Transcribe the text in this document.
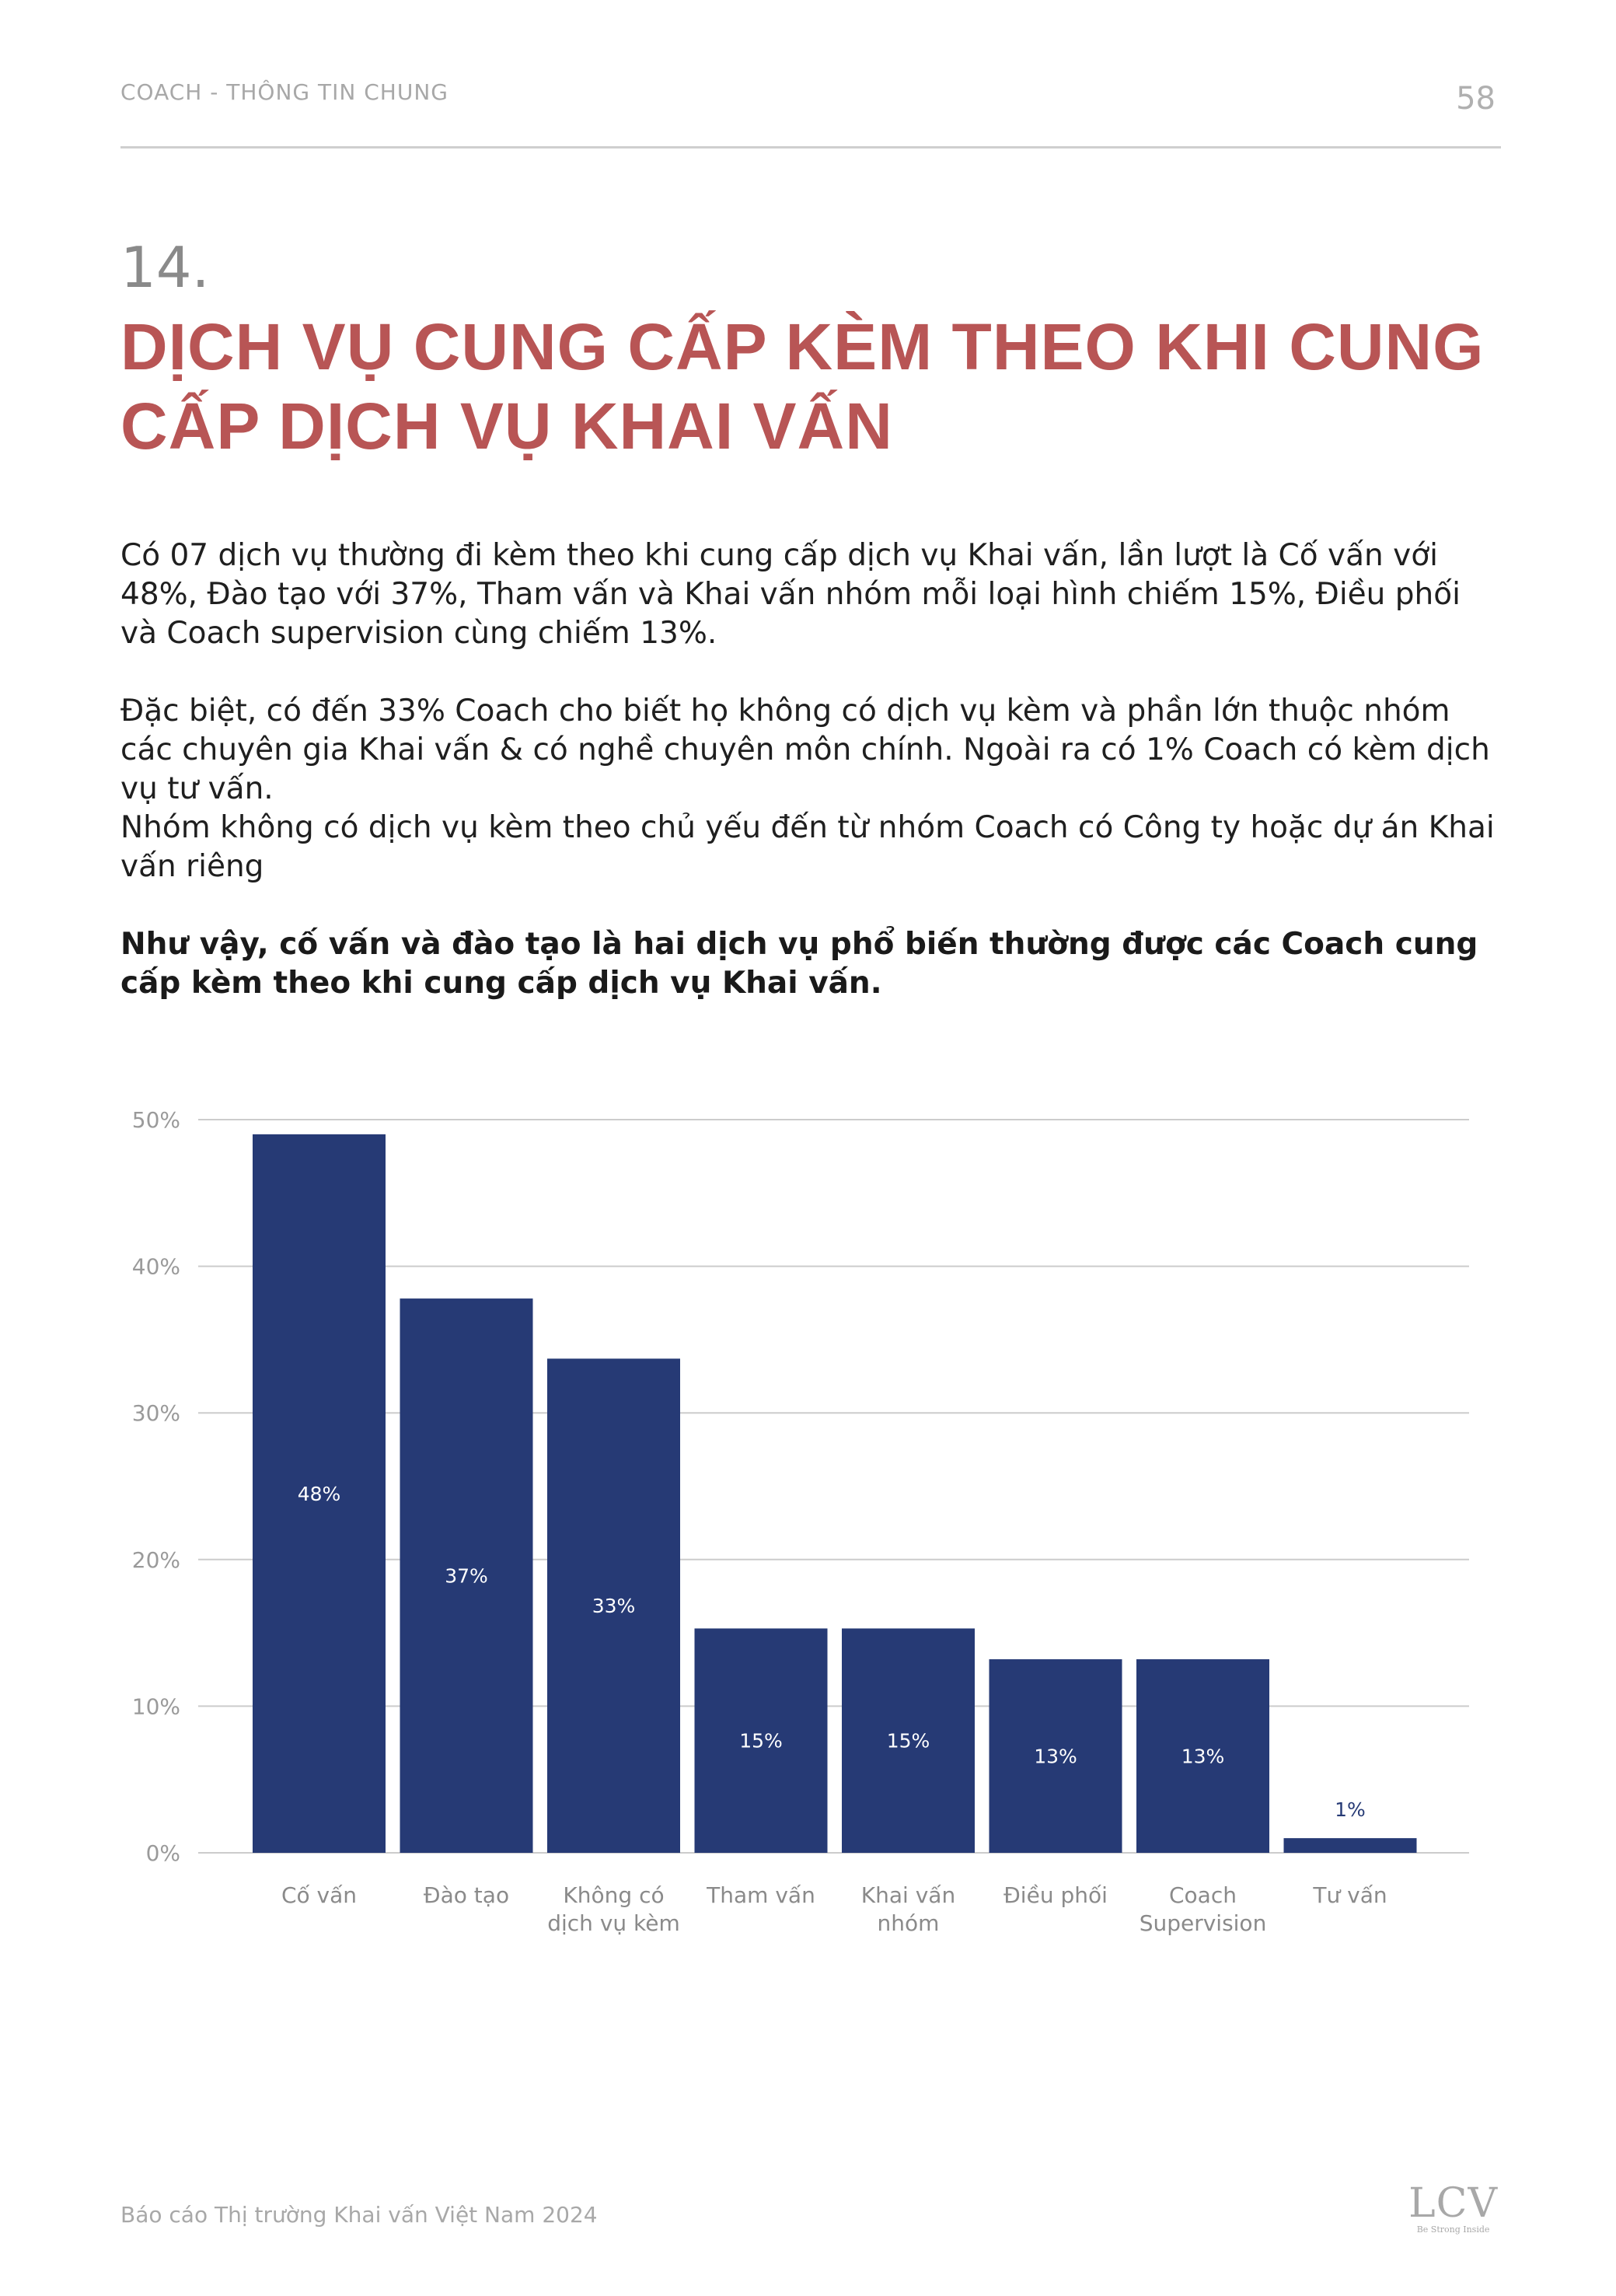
COACH - THÔNG TIN CHUNG	58
14.
DỊCH VỤ CUNG CẤP KÈM THEO KHI CUNG CẤP DỊCH VỤ KHAI VẤN
Có 07 dịch vụ thường đi kèm theo khi cung cấp dịch vụ Khai vấn, lần lượt là Cố vấn với 48%, Đào tạo với 37%, Tham vấn và Khai vấn nhóm mỗi loại hình chiếm 15%, Điều phối và Coach supervision cùng chiếm 13%.
Đặc biệt, có đến 33% Coach cho biết họ không có dịch vụ kèm và phần lớn thuộc nhóm các chuyên gia Khai vấn & có nghề chuyên môn chính. Ngoài ra có 1% Coach có kèm dịch vụ tư vấn.
Nhóm không có dịch vụ kèm theo chủ yếu đến từ nhóm Coach có Công ty hoặc dự án Khai vấn riêng
Như vậy, cố vấn và đào tạo là hai dịch vụ phổ biến thường được các Coach cung cấp kèm theo khi cung cấp dịch vụ Khai vấn.
0%
10%
20%
30%
40%
50%
48%
Cố vấn
37%
Đào tạo
33%
Không có
dịch vụ kèm
15%
Tham vấn
15%
Khai vấn
nhóm
13%
Điều phối
13%
Coach
Supervision
1%
Tư vấn
Báo cáo Thị trường Khai vấn Việt Nam 2024	LCV
Be Strong Inside
